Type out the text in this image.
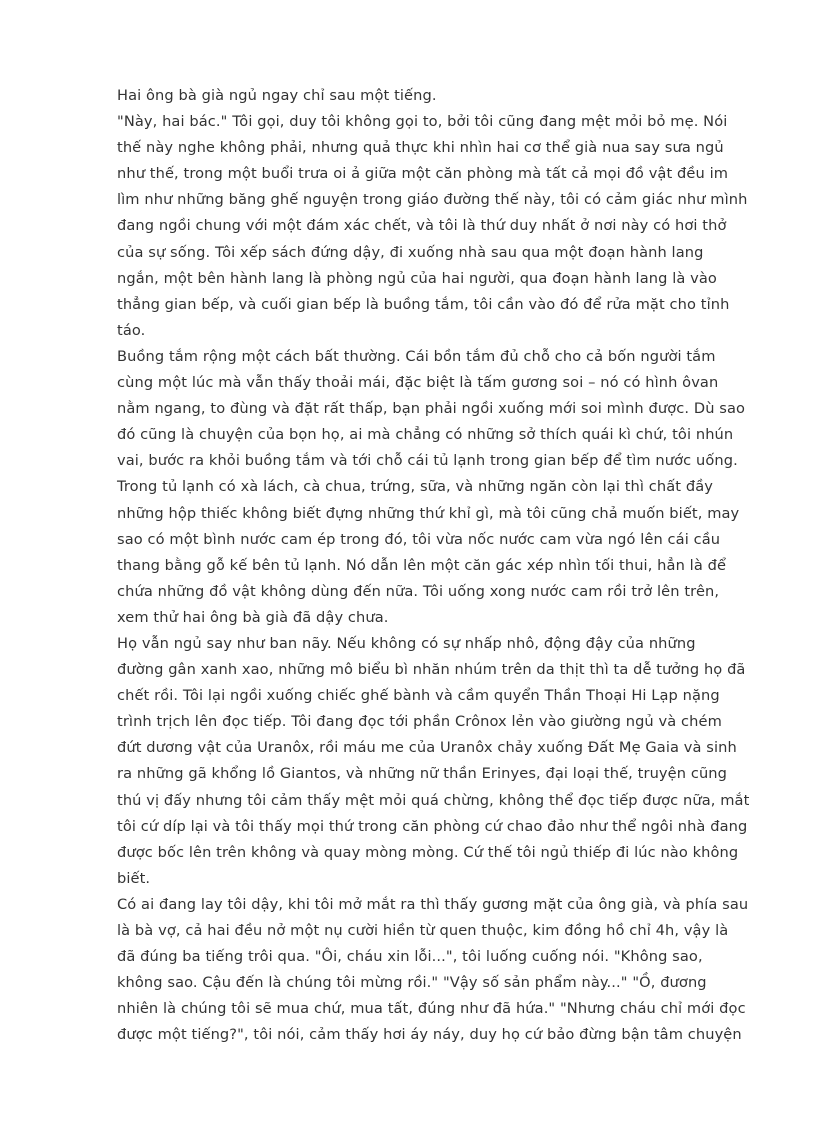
Hai ông bà già ngủ ngay chỉ sau một tiếng.
"Này, hai bác." Tôi gọi, duy tôi không gọi to, bởi tôi cũng đang mệt mỏi bỏ mẹ. Nói
thế này nghe không phải, nhưng quả thực khi nhìn hai cơ thể già nua say sưa ngủ
như thế, trong một buổi trưa oi ả giữa một căn phòng mà tất cả mọi đồ vật đều im
lìm như những băng ghế nguyện trong giáo đường thế này, tôi có cảm giác như mình
đang ngồi chung với một đám xác chết, và tôi là thứ duy nhất ở nơi này có hơi thở
của sự sống. Tôi xếp sách đứng dậy, đi xuống nhà sau qua một đoạn hành lang
ngắn, một bên hành lang là phòng ngủ của hai người, qua đoạn hành lang là vào
thẳng gian bếp, và cuối gian bếp là buồng tắm, tôi cần vào đó để rửa mặt cho tỉnh
táo.
Buồng tắm rộng một cách bất thường. Cái bồn tắm đủ chỗ cho cả bốn người tắm
cùng một lúc mà vẫn thấy thoải mái, đặc biệt là tấm gương soi – nó có hình ôvan
nằm ngang, to đùng và đặt rất thấp, bạn phải ngồi xuống mới soi mình được. Dù sao
đó cũng là chuyện của bọn họ, ai mà chẳng có những sở thích quái kì chứ, tôi nhún
vai, bước ra khỏi buồng tắm và tới chỗ cái tủ lạnh trong gian bếp để tìm nước uống.
Trong tủ lạnh có xà lách, cà chua, trứng, sữa, và những ngăn còn lại thì chất đầy
những hộp thiếc không biết đựng những thứ khỉ gì, mà tôi cũng chả muốn biết, may
sao có một bình nước cam ép trong đó, tôi vừa nốc nước cam vừa ngó lên cái cầu
thang bằng gỗ kế bên tủ lạnh. Nó dẫn lên một căn gác xép nhìn tối thui, hẳn là để
chứa những đồ vật không dùng đến nữa. Tôi uống xong nước cam rồi trở lên trên,
xem thử hai ông bà già đã dậy chưa.
Họ vẫn ngủ say như ban nãy. Nếu không có sự nhấp nhô, động đậy của những
đường gân xanh xao, những mô biểu bì nhăn nhúm trên da thịt thì ta dễ tưởng họ đã
chết rồi. Tôi lại ngồi xuống chiếc ghế bành và cầm quyển Thần Thoại Hi Lạp nặng
trình trịch lên đọc tiếp. Tôi đang đọc tới phần Crônox lẻn vào giường ngủ và chém
đứt dương vật của Uranôx, rồi máu me của Uranôx chảy xuống Đất Mẹ Gaia và sinh
ra những gã khổng lồ Giantos, và những nữ thần Erinyes, đại loại thế, truyện cũng
thú vị đấy nhưng tôi cảm thấy mệt mỏi quá chừng, không thể đọc tiếp được nữa, mắt
tôi cứ díp lại và tôi thấy mọi thứ trong căn phòng cứ chao đảo như thể ngôi nhà đang
được bốc lên trên không và quay mòng mòng. Cứ thế tôi ngủ thiếp đi lúc nào không
biết.
Có ai đang lay tôi dậy, khi tôi mở mắt ra thì thấy gương mặt của ông già, và phía sau
là bà vợ, cả hai đều nở một nụ cười hiền từ quen thuộc, kim đồng hồ chỉ 4h, vậy là
đã đúng ba tiếng trôi qua. "Ôi, cháu xin lỗi...", tôi luống cuống nói. "Không sao,
không sao. Cậu đến là chúng tôi mừng rồi." "Vậy số sản phẩm này..." "Ồ, đương
nhiên là chúng tôi sẽ mua chứ, mua tất, đúng như đã hứa." "Nhưng cháu chỉ mới đọc
được một tiếng?", tôi nói, cảm thấy hơi áy náy, duy họ cứ bảo đừng bận tâm chuyện
